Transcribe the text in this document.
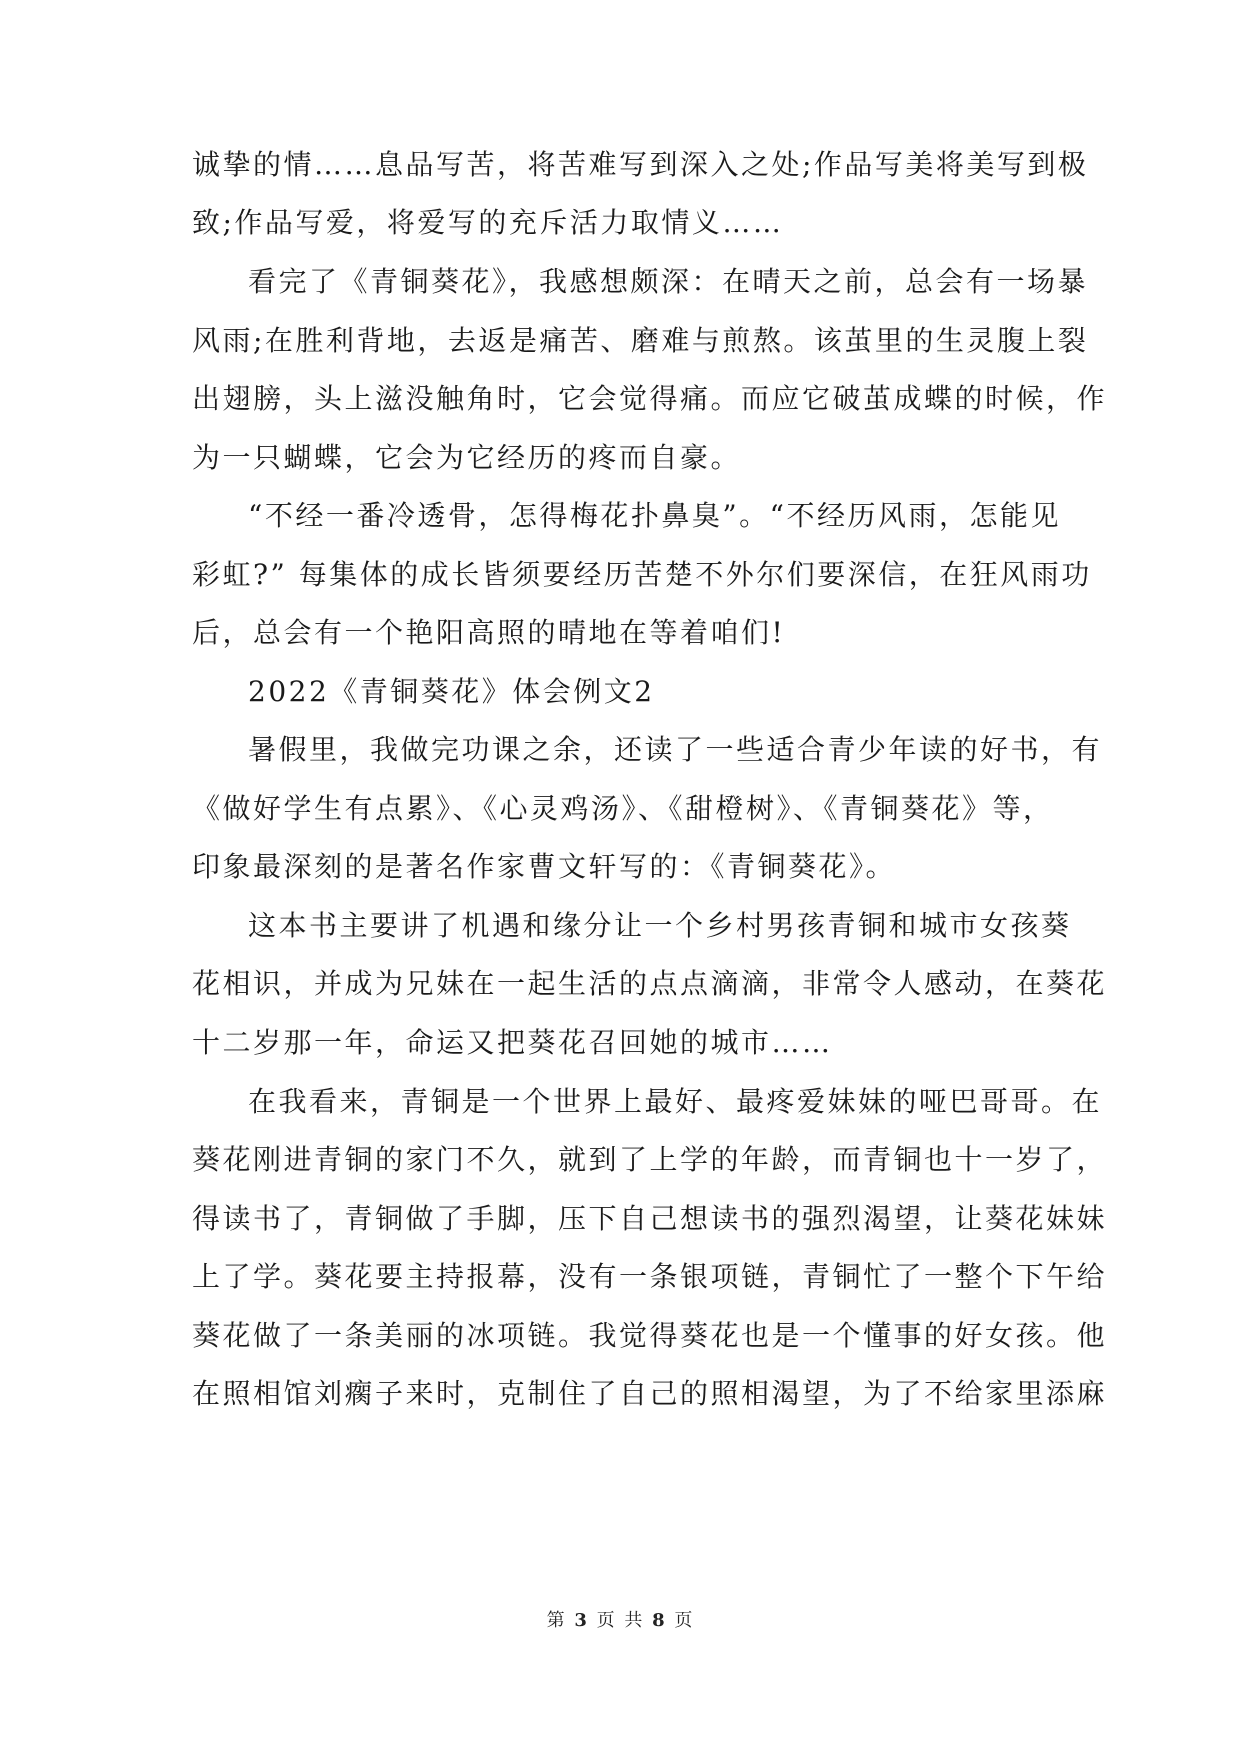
诚挚的情……息品写苦，将苦难写到深入之处;作品写美将美写到极
致;作品写爱，将爱写的充斥活力取情义……
看完了《青铜葵花》，我感想颇深：在晴天之前，总会有一场暴
风雨;在胜利背地，去返是痛苦、磨难与煎熬。该茧里的生灵腹上裂
出翅膀，头上滋没触角时，它会觉得痛。而应它破茧成蝶的时候，作
为一只蝴蝶，它会为它经历的疼而自豪。
“不经一番冷透骨，怎得梅花扑鼻臭”。“不经历风雨，怎能见
彩虹?” 每集体的成长皆须要经历苦楚不外尔们要深信，在狂风雨功
后，总会有一个艳阳高照的晴地在等着咱们!
2022《青铜葵花》体会例文2
暑假里，我做完功课之余，还读了一些适合青少年读的好书，有
《做好学生有点累》、《心灵鸡汤》、《甜橙树》、《青铜葵花》等，
印象最深刻的是著名作家曹文轩写的：《青铜葵花》。
这本书主要讲了机遇和缘分让一个乡村男孩青铜和城市女孩葵
花相识，并成为兄妹在一起生活的点点滴滴，非常令人感动，在葵花
十二岁那一年，命运又把葵花召回她的城市……
在我看来，青铜是一个世界上最好、最疼爱妹妹的哑巴哥哥。在
葵花刚进青铜的家门不久，就到了上学的年龄，而青铜也十一岁了，
得读书了，青铜做了手脚，压下自己想读书的强烈渴望，让葵花妹妹
上了学。葵花要主持报幕，没有一条银项链，青铜忙了一整个下午给
葵花做了一条美丽的冰项链。我觉得葵花也是一个懂事的好女孩。他
在照相馆刘瘸子来时，克制住了自己的照相渴望，为了不给家里添麻
第 3 页 共 8 页
